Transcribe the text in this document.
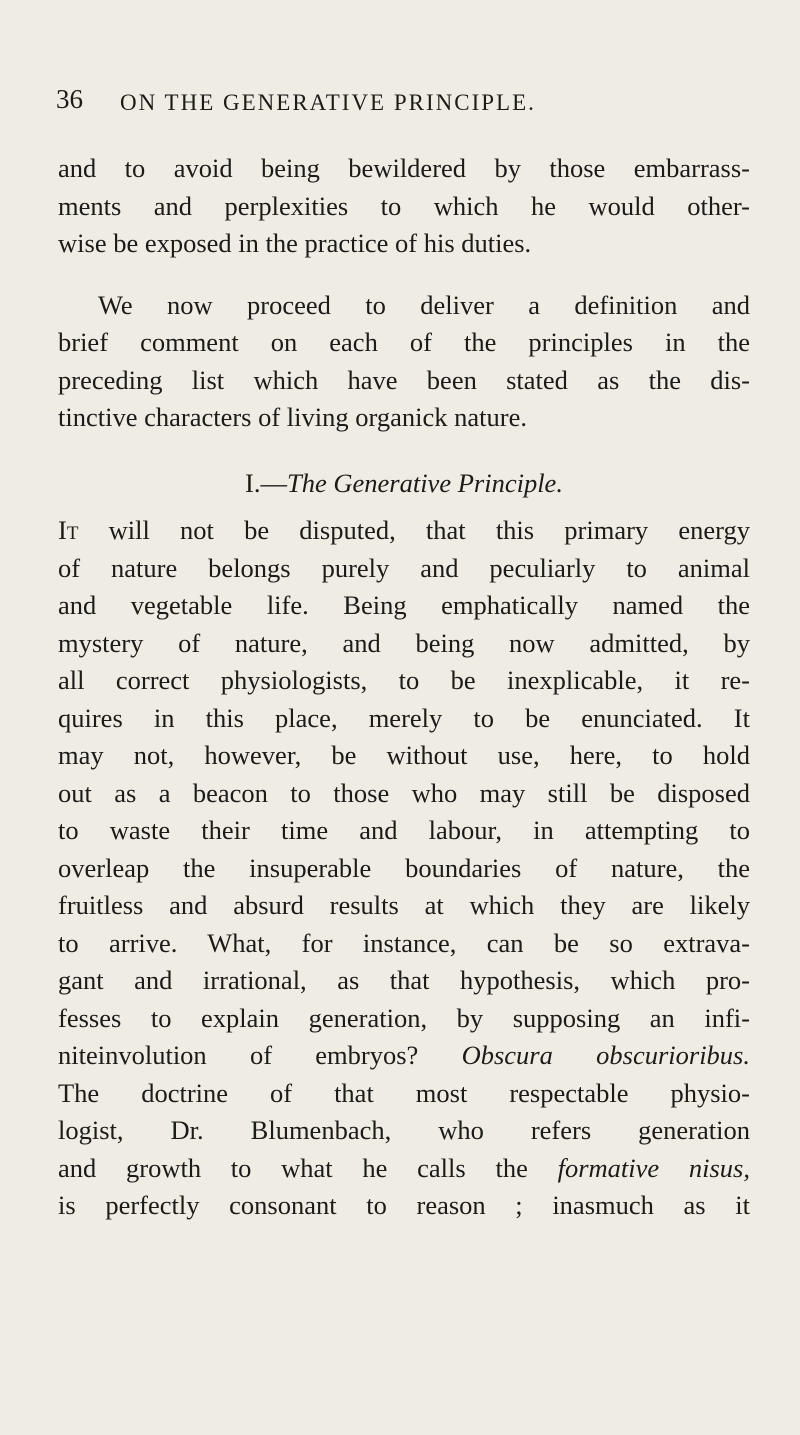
36 ON THE GENERATIVE PRINCIPLE.
and to avoid being bewildered by those embarrass-
ments and perplexities to which he would other-
wise be exposed in the practice of his duties.
We now proceed to deliver a definition and
brief comment on each of the principles in the
preceding list which have been stated as the dis-
tinctive characters of living organick nature.
I.—The Generative Principle.
It will not be disputed, that this primary energy
of nature belongs purely and peculiarly to animal
and vegetable life. Being emphatically named the
mystery of nature, and being now admitted, by
all correct physiologists, to be inexplicable, it re-
quires in this place, merely to be enunciated. It
may not, however, be without use, here, to hold
out as a beacon to those who may still be disposed
to waste their time and labour, in attempting to
overleap the insuperable boundaries of nature, the
fruitless and absurd results at which they are likely
to arrive. What, for instance, can be so extrava-
gant and irrational, as that hypothesis, which pro-
fesses to explain generation, by supposing an infi-
niteinvolution of embryos? Obscura obscurioribus.
The doctrine of that most respectable physio-
logist, Dr. Blumenbach, who refers generation
and growth to what he calls the formative nisus,
is perfectly consonant to reason ; inasmuch as it
